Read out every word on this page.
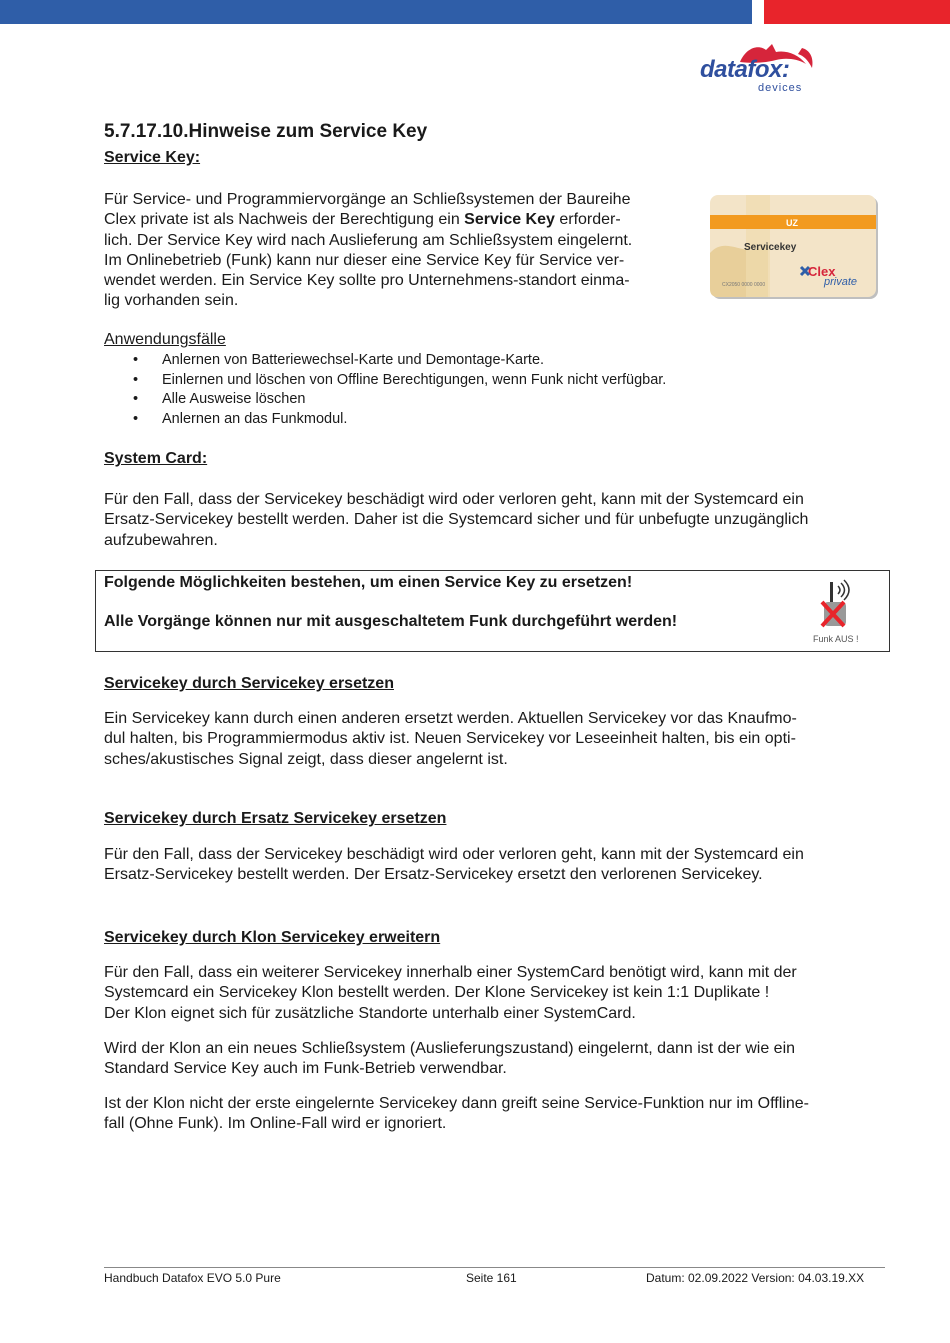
datafox:
devices
5.7.17.10.Hinweise zum Service Key
Service Key:
Für Service- und Programmiervorgänge an Schließsystemen der Baureihe
Clex private ist als Nachweis der Berechtigung ein Service Key erforder-
lich. Der Service Key wird nach Auslieferung am Schließsystem eingelernt.
Im Onlinebetrieb (Funk) kann nur dieser eine Service Key für Service ver-
wendet werden. Ein Service Key sollte pro Unternehmens-standort einma-
lig vorhanden sein.
UZ
Servicekey
CX2050 0000 0000
Clex
private
Anwendungsfälle
• Anlernen von Batteriewechsel-Karte und Demontage-Karte.
• Einlernen und löschen von Offline Berechtigungen, wenn Funk nicht verfügbar.
• Alle Ausweise löschen
• Anlernen an das Funkmodul.
System Card:
Für den Fall, dass der Servicekey beschädigt wird oder verloren geht, kann mit der Systemcard ein
Ersatz-Servicekey bestellt werden. Daher ist die Systemcard sicher und für unbefugte unzugänglich
aufzubewahren.
Folgende Möglichkeiten bestehen, um einen Service Key zu ersetzen!
Alle Vorgänge können nur mit ausgeschaltetem Funk durchgeführt werden!
Funk AUS !
Servicekey durch Servicekey ersetzen
Ein Servicekey kann durch einen anderen ersetzt werden. Aktuellen Servicekey vor das Knaufmo-
dul halten, bis Programmiermodus aktiv ist. Neuen Servicekey vor Leseeinheit halten, bis ein opti-
sches/akustisches Signal zeigt, dass dieser angelernt ist.
Servicekey durch Ersatz Servicekey ersetzen
Für den Fall, dass der Servicekey beschädigt wird oder verloren geht, kann mit der Systemcard ein
Ersatz-Servicekey bestellt werden. Der Ersatz-Servicekey ersetzt den verlorenen Servicekey.
Servicekey durch Klon Servicekey erweitern
Für den Fall, dass ein weiterer Servicekey innerhalb einer SystemCard benötigt wird, kann mit der
Systemcard ein Servicekey Klon bestellt werden. Der Klone Servicekey ist kein 1:1 Duplikate !
Der Klon eignet sich für zusätzliche Standorte unterhalb einer SystemCard.
Wird der Klon an ein neues Schließsystem (Auslieferungszustand) eingelernt, dann ist der wie ein
Standard Service Key auch im Funk-Betrieb verwendbar.
Ist der Klon nicht der erste eingelernte Servicekey dann greift seine Service-Funktion nur im Offline-
fall (Ohne Funk). Im Online-Fall wird er ignoriert.
Handbuch Datafox EVO 5.0 Pure	Seite 161	Datum: 02.09.2022 Version: 04.03.19.XX
